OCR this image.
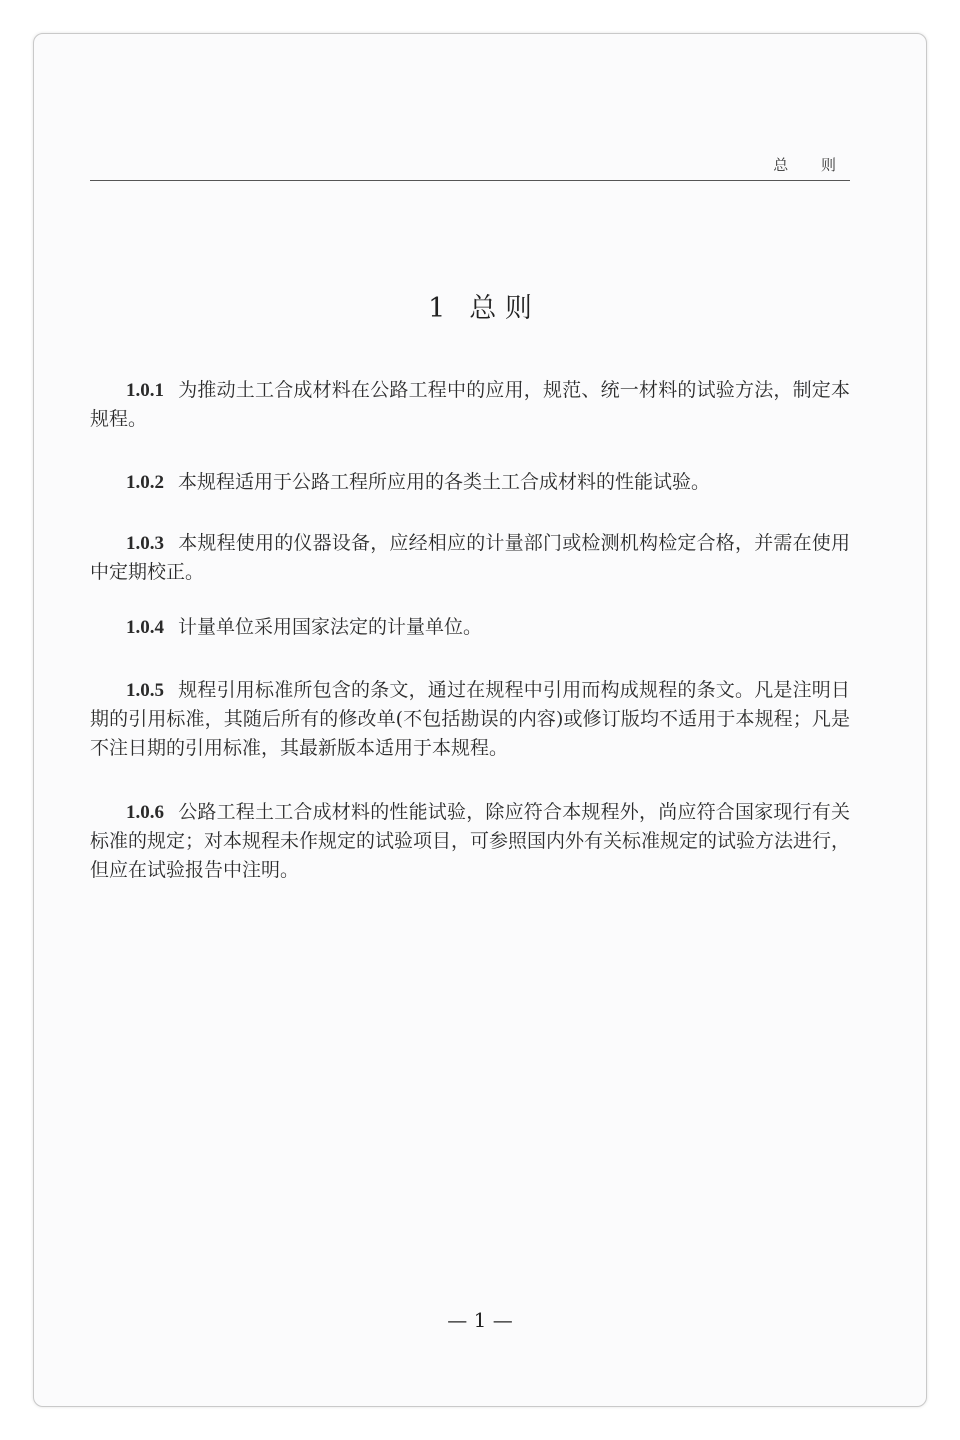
总 则
1 总 则
1.0.1 为推动土工合成材料在公路工程中的应用，规范、统一材料的试验方法，制定本规程。
1.0.2 本规程适用于公路工程所应用的各类土工合成材料的性能试验。
1.0.3 本规程使用的仪器设备，应经相应的计量部门或检测机构检定合格，并需在使用中定期校正。
1.0.4 计量单位采用国家法定的计量单位。
1.0.5 规程引用标准所包含的条文，通过在规程中引用而构成规程的条文。凡是注明日期的引用标准，其随后所有的修改单(不包括勘误的内容)或修订版均不适用于本规程；凡是不注日期的引用标准，其最新版本适用于本规程。
1.0.6 公路工程土工合成材料的性能试验，除应符合本规程外，尚应符合国家现行有关标准的规定；对本规程未作规定的试验项目，可参照国内外有关标准规定的试验方法进行，但应在试验报告中注明。
— 1 —
